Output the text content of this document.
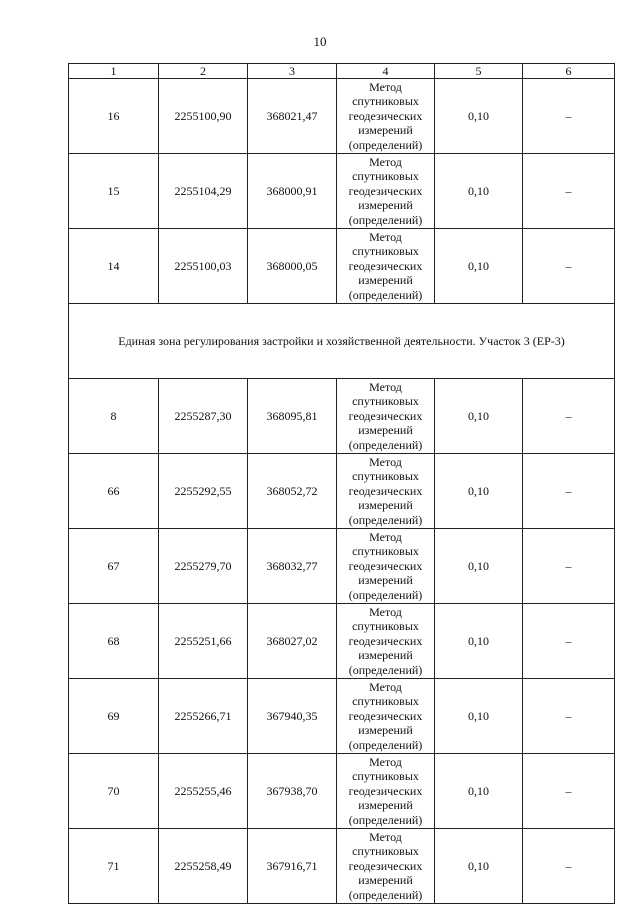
10
1	2	3	4	5	6
16	2255100,90	368021,47	Метод
спутниковых
геодезических
измерений
(определений)	0,10	–
15	2255104,29	368000,91	Метод
спутниковых
геодезических
измерений
(определений)	0,10	–
14	2255100,03	368000,05	Метод
спутниковых
геодезических
измерений
(определений)	0,10	–
Единая зона регулирования застройки и хозяйственной деятельности. Участок 3 (ЕР-3)					
8	2255287,30	368095,81	Метод
спутниковых
геодезических
измерений
(определений)	0,10	–
66	2255292,55	368052,72	Метод
спутниковых
геодезических
измерений
(определений)	0,10	–
67	2255279,70	368032,77	Метод
спутниковых
геодезических
измерений
(определений)	0,10	–
68	2255251,66	368027,02	Метод
спутниковых
геодезических
измерений
(определений)	0,10	–
69	2255266,71	367940,35	Метод
спутниковых
геодезических
измерений
(определений)	0,10	–
70	2255255,46	367938,70	Метод
спутниковых
геодезических
измерений
(определений)	0,10	–
71	2255258,49	367916,71	Метод
спутниковых
геодезических
измерений
(определений)	0,10	–
